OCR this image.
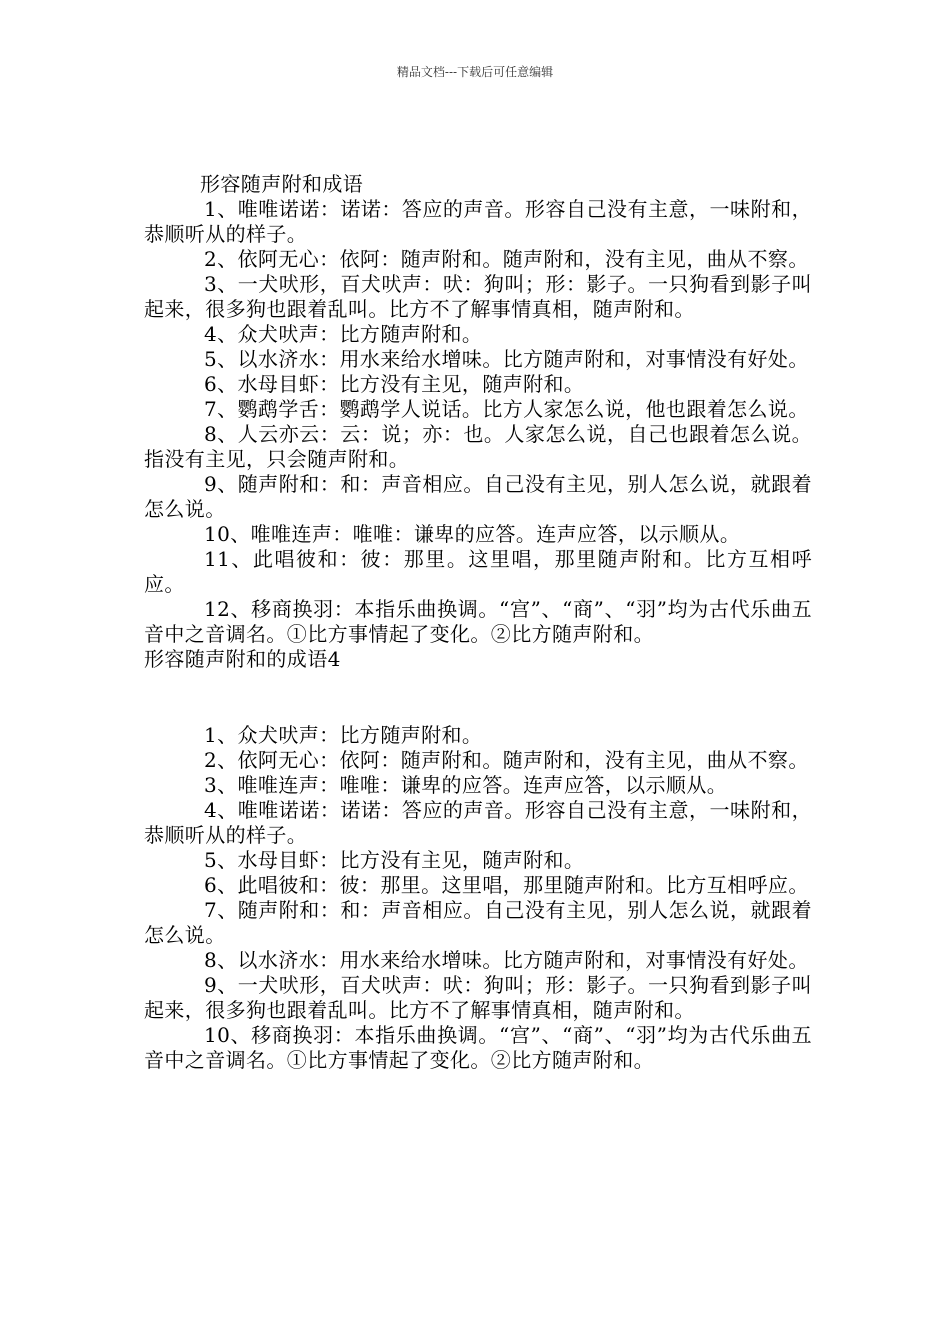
精品文档---下载后可任意编辑
形容随声附和成语

1、唯唯诺诺：诺诺：答应的声音。形容自己没有主意，一味附和，恭顺听从的样子。

2、依阿无心：依阿：随声附和。随声附和，没有主见，曲从不察。

3、一犬吠形，百犬吠声：吠：狗叫；形：影子。一只狗看到影子叫起来，很多狗也跟着乱叫。比方不了解事情真相，随声附和。

4、众犬吠声：比方随声附和。

5、以水济水：用水来给水增味。比方随声附和，对事情没有好处。

6、水母目虾：比方没有主见，随声附和。

7、鹦鹉学舌：鹦鹉学人说话。比方人家怎么说，他也跟着怎么说。

8、人云亦云：云：说；亦：也。人家怎么说，自己也跟着怎么说。指没有主见，只会随声附和。

9、随声附和：和：声音相应。自己没有主见，别人怎么说，就跟着怎么说。

10、唯唯连声：唯唯：谦卑的应答。连声应答，以示顺从。

11、此唱彼和：彼：那里。这里唱，那里随声附和。比方互相呼应。

12、移商换羽：本指乐曲换调。“宫”、“商”、“羽”均为古代乐曲五音中之音调名。①比方事情起了变化。②比方随声附和。

形容随声附和的成语4

1、众犬吠声：比方随声附和。

2、依阿无心：依阿：随声附和。随声附和，没有主见，曲从不察。

3、唯唯连声：唯唯：谦卑的应答。连声应答，以示顺从。

4、唯唯诺诺：诺诺：答应的声音。形容自己没有主意，一味附和，恭顺听从的样子。

5、水母目虾：比方没有主见，随声附和。

6、此唱彼和：彼：那里。这里唱，那里随声附和。比方互相呼应。

7、随声附和：和：声音相应。自己没有主见，别人怎么说，就跟着怎么说。

8、以水济水：用水来给水增味。比方随声附和，对事情没有好处。

9、一犬吠形，百犬吠声：吠：狗叫；形：影子。一只狗看到影子叫起来，很多狗也跟着乱叫。比方不了解事情真相，随声附和。

10、移商换羽：本指乐曲换调。“宫”、“商”、“羽”均为古代乐曲五音中之音调名。①比方事情起了变化。②比方随声附和。
